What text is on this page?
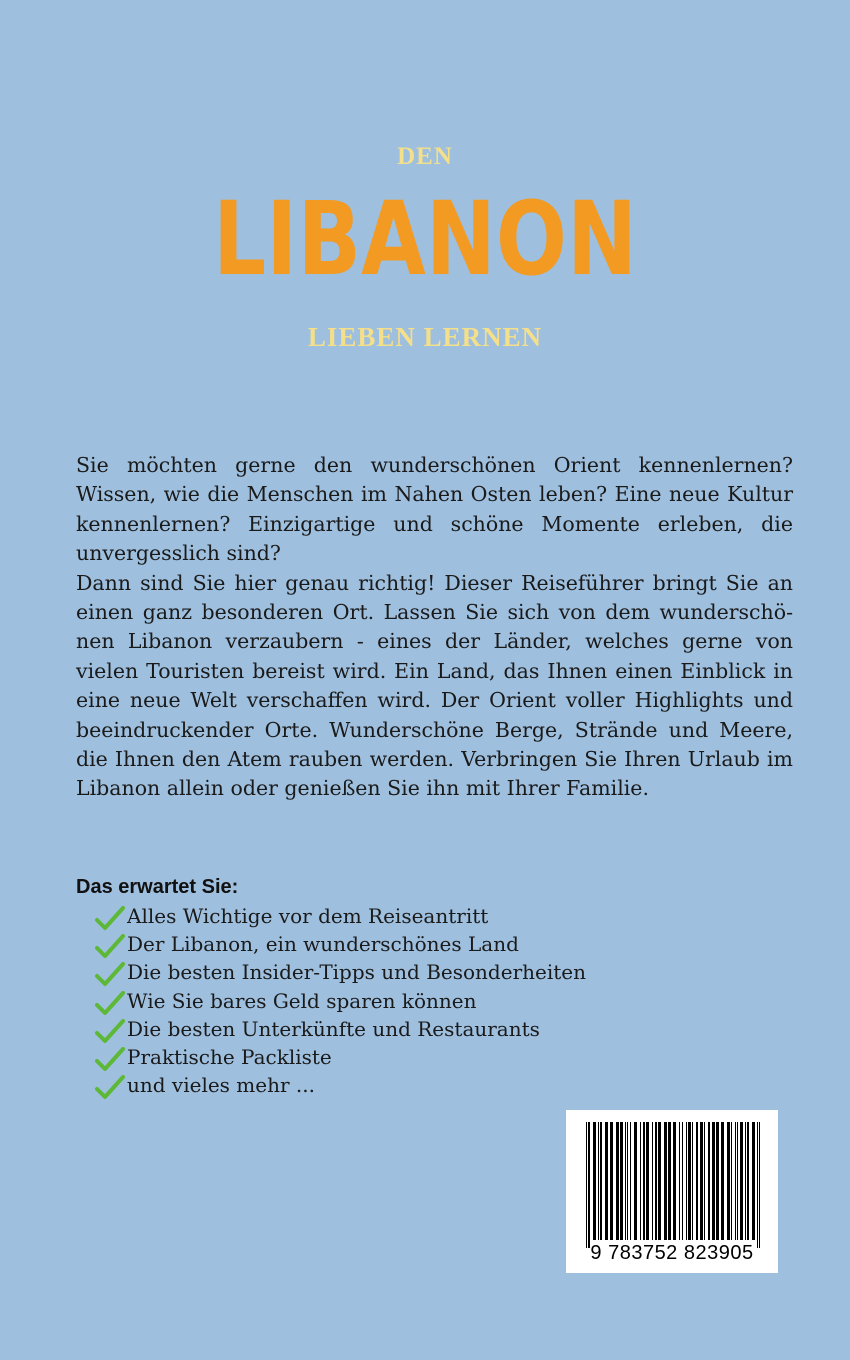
DEN
LIBANON
LIEBEN LERNEN

Sie möchten gerne den wunderschönen Orient kennenlernen? Wissen, wie die Menschen im Nahen Osten leben? Eine neue Kultur kennenlernen? Einzigartige und schöne Momente erleben, die unvergesslich sind?

Dann sind Sie hier genau richtig! Dieser Reiseführer bringt Sie an einen ganz besonderen Ort. Lassen Sie sich von dem wunderschönen Libanon verzaubern - eines der Länder, welches gerne von vielen Touristen bereist wird. Ein Land, das Ihnen einen Einblick in eine neue Welt verschaffen wird. Der Orient voller Highlights und beeindruckender Orte. Wunderschöne Berge, Strände und Meere, die Ihnen den Atem rauben werden. Verbringen Sie Ihren Urlaub im Libanon allein oder genießen Sie ihn mit Ihrer Familie.

Das erwartet Sie:
Alles Wichtige vor dem Reiseantritt
Der Libanon, ein wunderschönes Land
Die besten Insider-Tipps und Besonderheiten
Wie Sie bares Geld sparen können
Die besten Unterkünfte und Restaurants
Praktische Packliste
und vieles mehr ...
9 783752 823905
